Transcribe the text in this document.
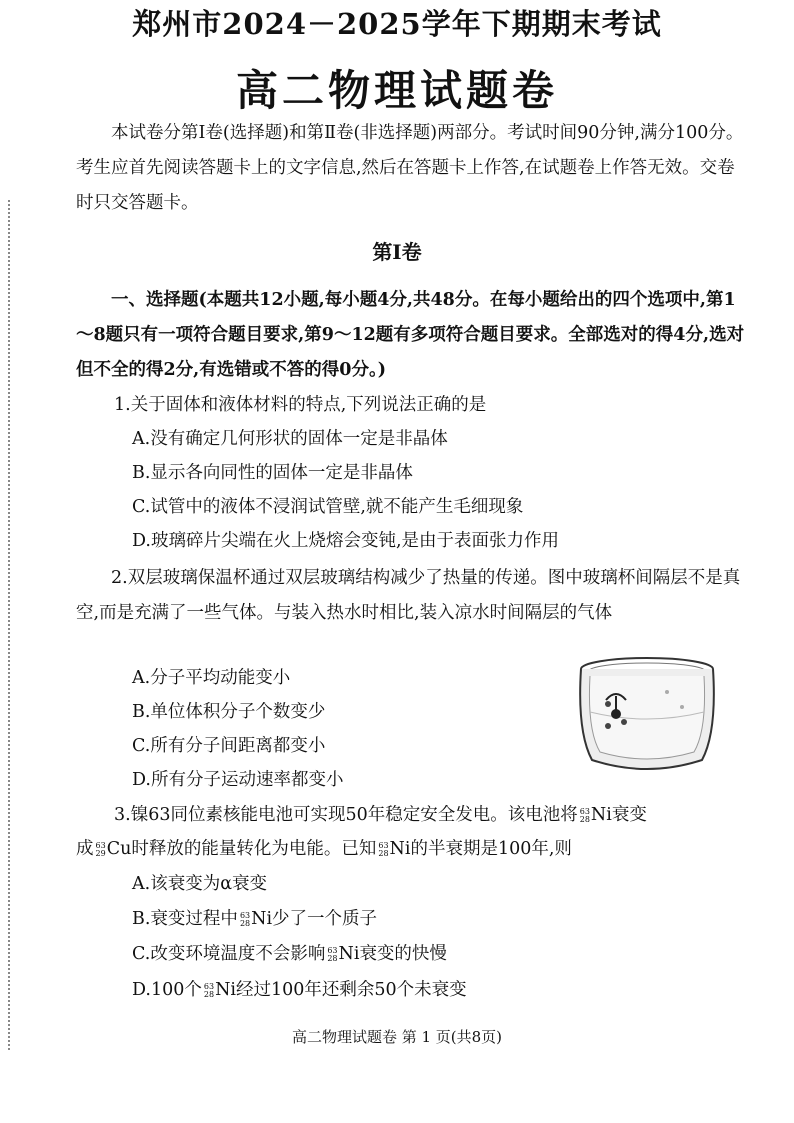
郑州市2024－2025学年下期期末考试
高二物理试题卷

本试卷分第Ⅰ卷(选择题)和第Ⅱ卷(非选择题)两部分。考试时间90分钟,满分100分。考生应首先阅读答题卡上的文字信息,然后在答题卡上作答,在试题卷上作答无效。交卷时只交答题卡。

第Ⅰ卷

一、选择题(本题共12小题,每小题4分,共48分。在每小题给出的四个选项中,第1～8题只有一项符合题目要求,第9～12题有多项符合题目要求。全部选对的得4分,选对但不全的得2分,有选错或不答的得0分。)

1.关于固体和液体材料的特点,下列说法正确的是
A.没有确定几何形状的固体一定是非晶体
B.显示各向同性的固体一定是非晶体
C.试管中的液体不浸润试管壁,就不能产生毛细现象
D.玻璃碎片尖端在火上烧熔会变钝,是由于表面张力作用

2.双层玻璃保温杯通过双层玻璃结构减少了热量的传递。图中玻璃杯间隔层不是真空,而是充满了一些气体。与装入热水时相比,装入凉水时间隔层的气体

A.分子平均动能变小
B.单位体积分子个数变少
C.所有分子间距离都变小
D.所有分子运动速率都变小
3.镍63同位素核能电池可实现50年稳定安全发电。该电池将 63
28 Ni衰变
成 63
29 Cu时释放的能量转化为电能。已知 63
28 Ni的半衰期是100年,则
A.该衰变为α衰变
B.衰变过程中 63
28 Ni少了一个质子
C.改变环境温度不会影响 63
28 Ni衰变的快慢
D.100个 63
28 Ni经过100年还剩余50个未衰变
高二物理试题卷 第 1 页(共8页)
